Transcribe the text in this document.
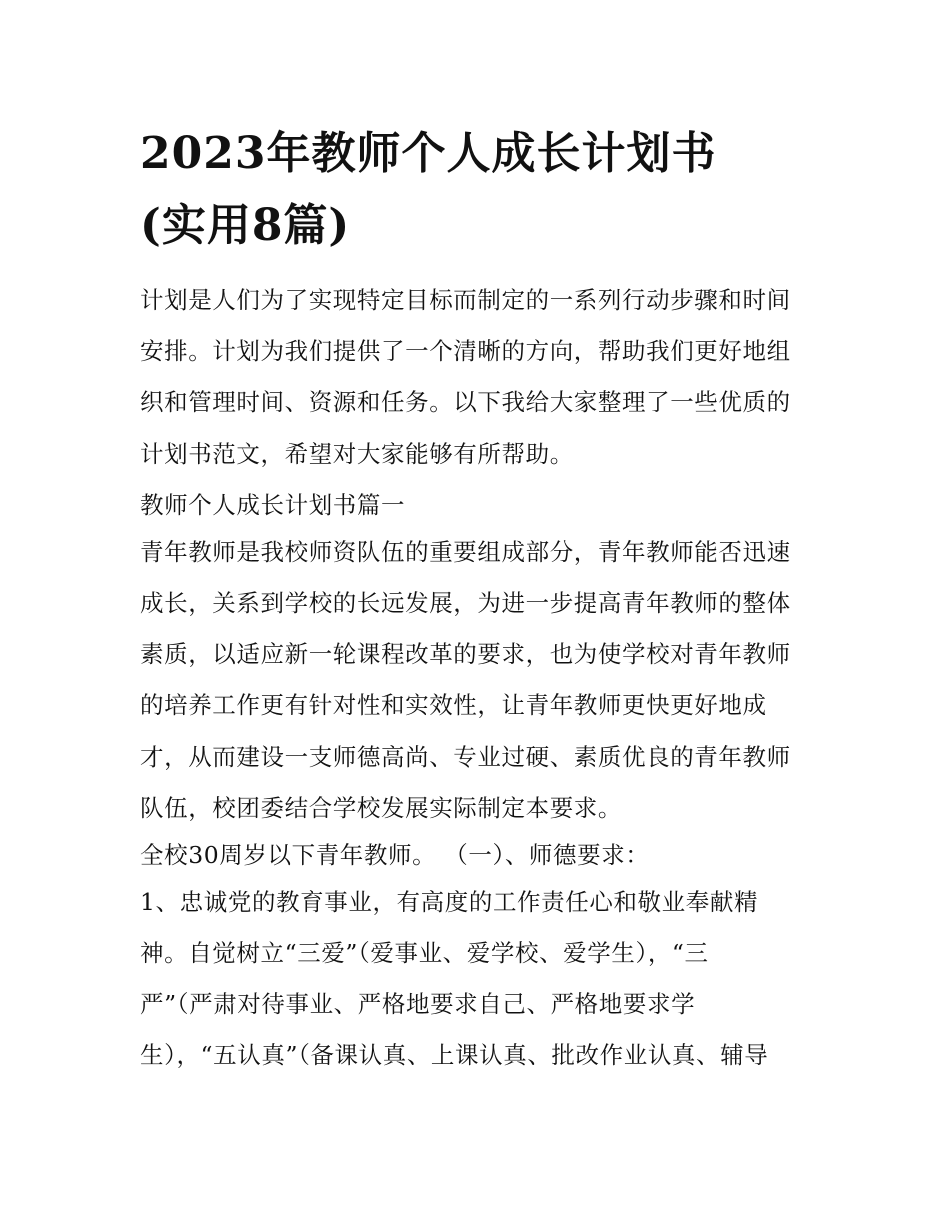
2023年教师个人成长计划书
(实用8篇)
计划是人们为了实现特定目标而制定的一系列行动步骤和时间
安排。计划为我们提供了一个清晰的方向，帮助我们更好地组
织和管理时间、资源和任务。以下我给大家整理了一些优质的
计划书范文，希望对大家能够有所帮助。
教师个人成长计划书篇一
青年教师是我校师资队伍的重要组成部分，青年教师能否迅速
成长，关系到学校的长远发展，为进一步提高青年教师的整体
素质，以适应新一轮课程改革的要求，也为使学校对青年教师
的培养工作更有针对性和实效性，让青年教师更快更好地成
才，从而建设一支师德高尚、专业过硬、素质优良的青年教师
队伍，校团委结合学校发展实际制定本要求。
全校30周岁以下青年教师。 （一）、师德要求：
1、忠诚党的教育事业，有高度的工作责任心和敬业奉献精
神。自觉树立“三爱”（爱事业、爱学校、爱学生），“三
严”（严肃对待事业、严格地要求自己、严格地要求学
生），“五认真”（备课认真、上课认真、批改作业认真、辅导
